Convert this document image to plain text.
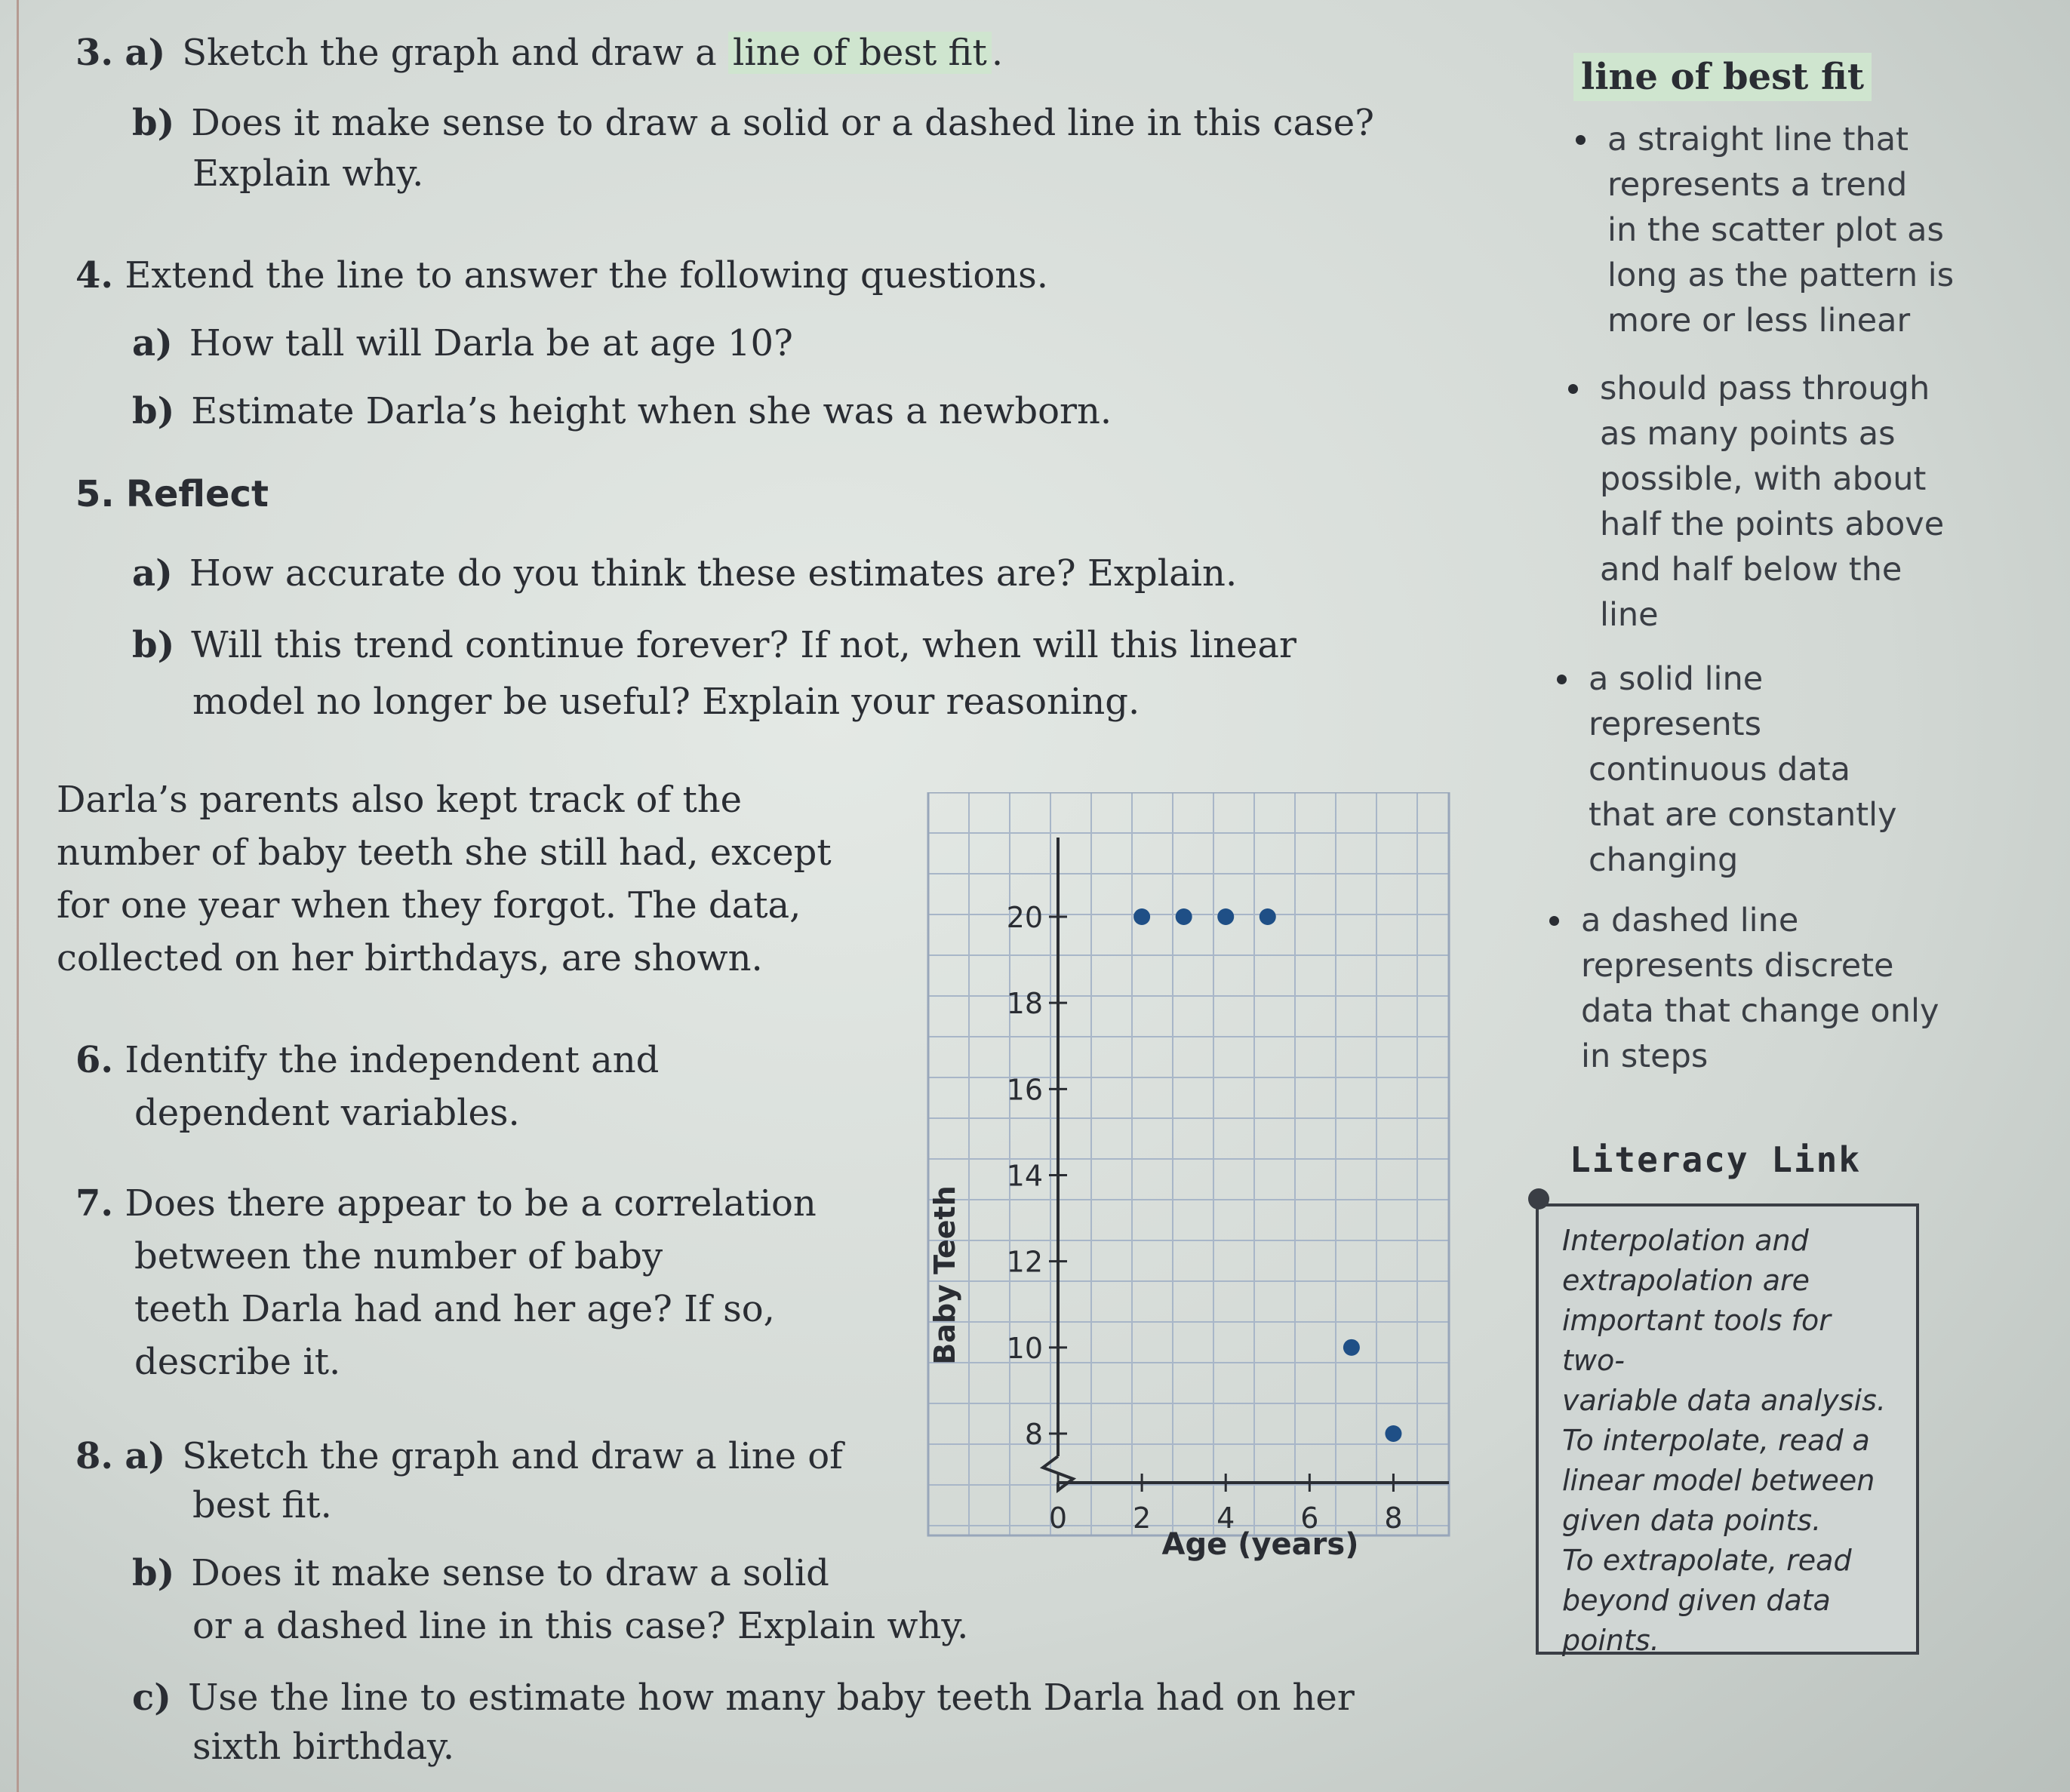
3. a) Sketch the graph and draw a line of best fit .
b) Does it make sense to draw a solid or a dashed line in this case?
Explain why.
4. Extend the line to answer the following questions.
a) How tall will Darla be at age 10?
b) Estimate Darla’s height when she was a newborn.
5. Reflect
a) How accurate do you think these estimates are? Explain.
b) Will this trend continue forever? If not, when will this linear
model no longer be useful? Explain your reasoning.
Darla’s parents also kept track of the
number of baby teeth she still had, except
for one year when they forgot. The data,
collected on her birthdays, are shown.
6. Identify the independent and
dependent variables.
7. Does there appear to be a correlation
between the number of baby
teeth Darla had and her age? If so,
describe it.
8. a) Sketch the graph and draw a line of
best fit.
b) Does it make sense to draw a solid
or a dashed line in this case? Explain why.
c) Use the line to estimate how many baby teeth Darla had on her
sixth birthday.
line of best fit
a straight line that
represents a trend
in the scatter plot as
long as the pattern is
more or less linear
should pass through
as many points as
possible, with about
half the points above
and half below the
line
a solid line
represents
continuous data
that are constantly
changing
a dashed line
represents discrete
data that change only
in steps
Literacy Link
Interpolation and
extrapolation are
important tools for two-
variable data analysis.
To interpolate, read a
linear model between
given data points.
To extrapolate, read
beyond given data
points.
8
10
12
14
16
18
20
0 2 4 6 8
Age (years)
Baby Teeth
